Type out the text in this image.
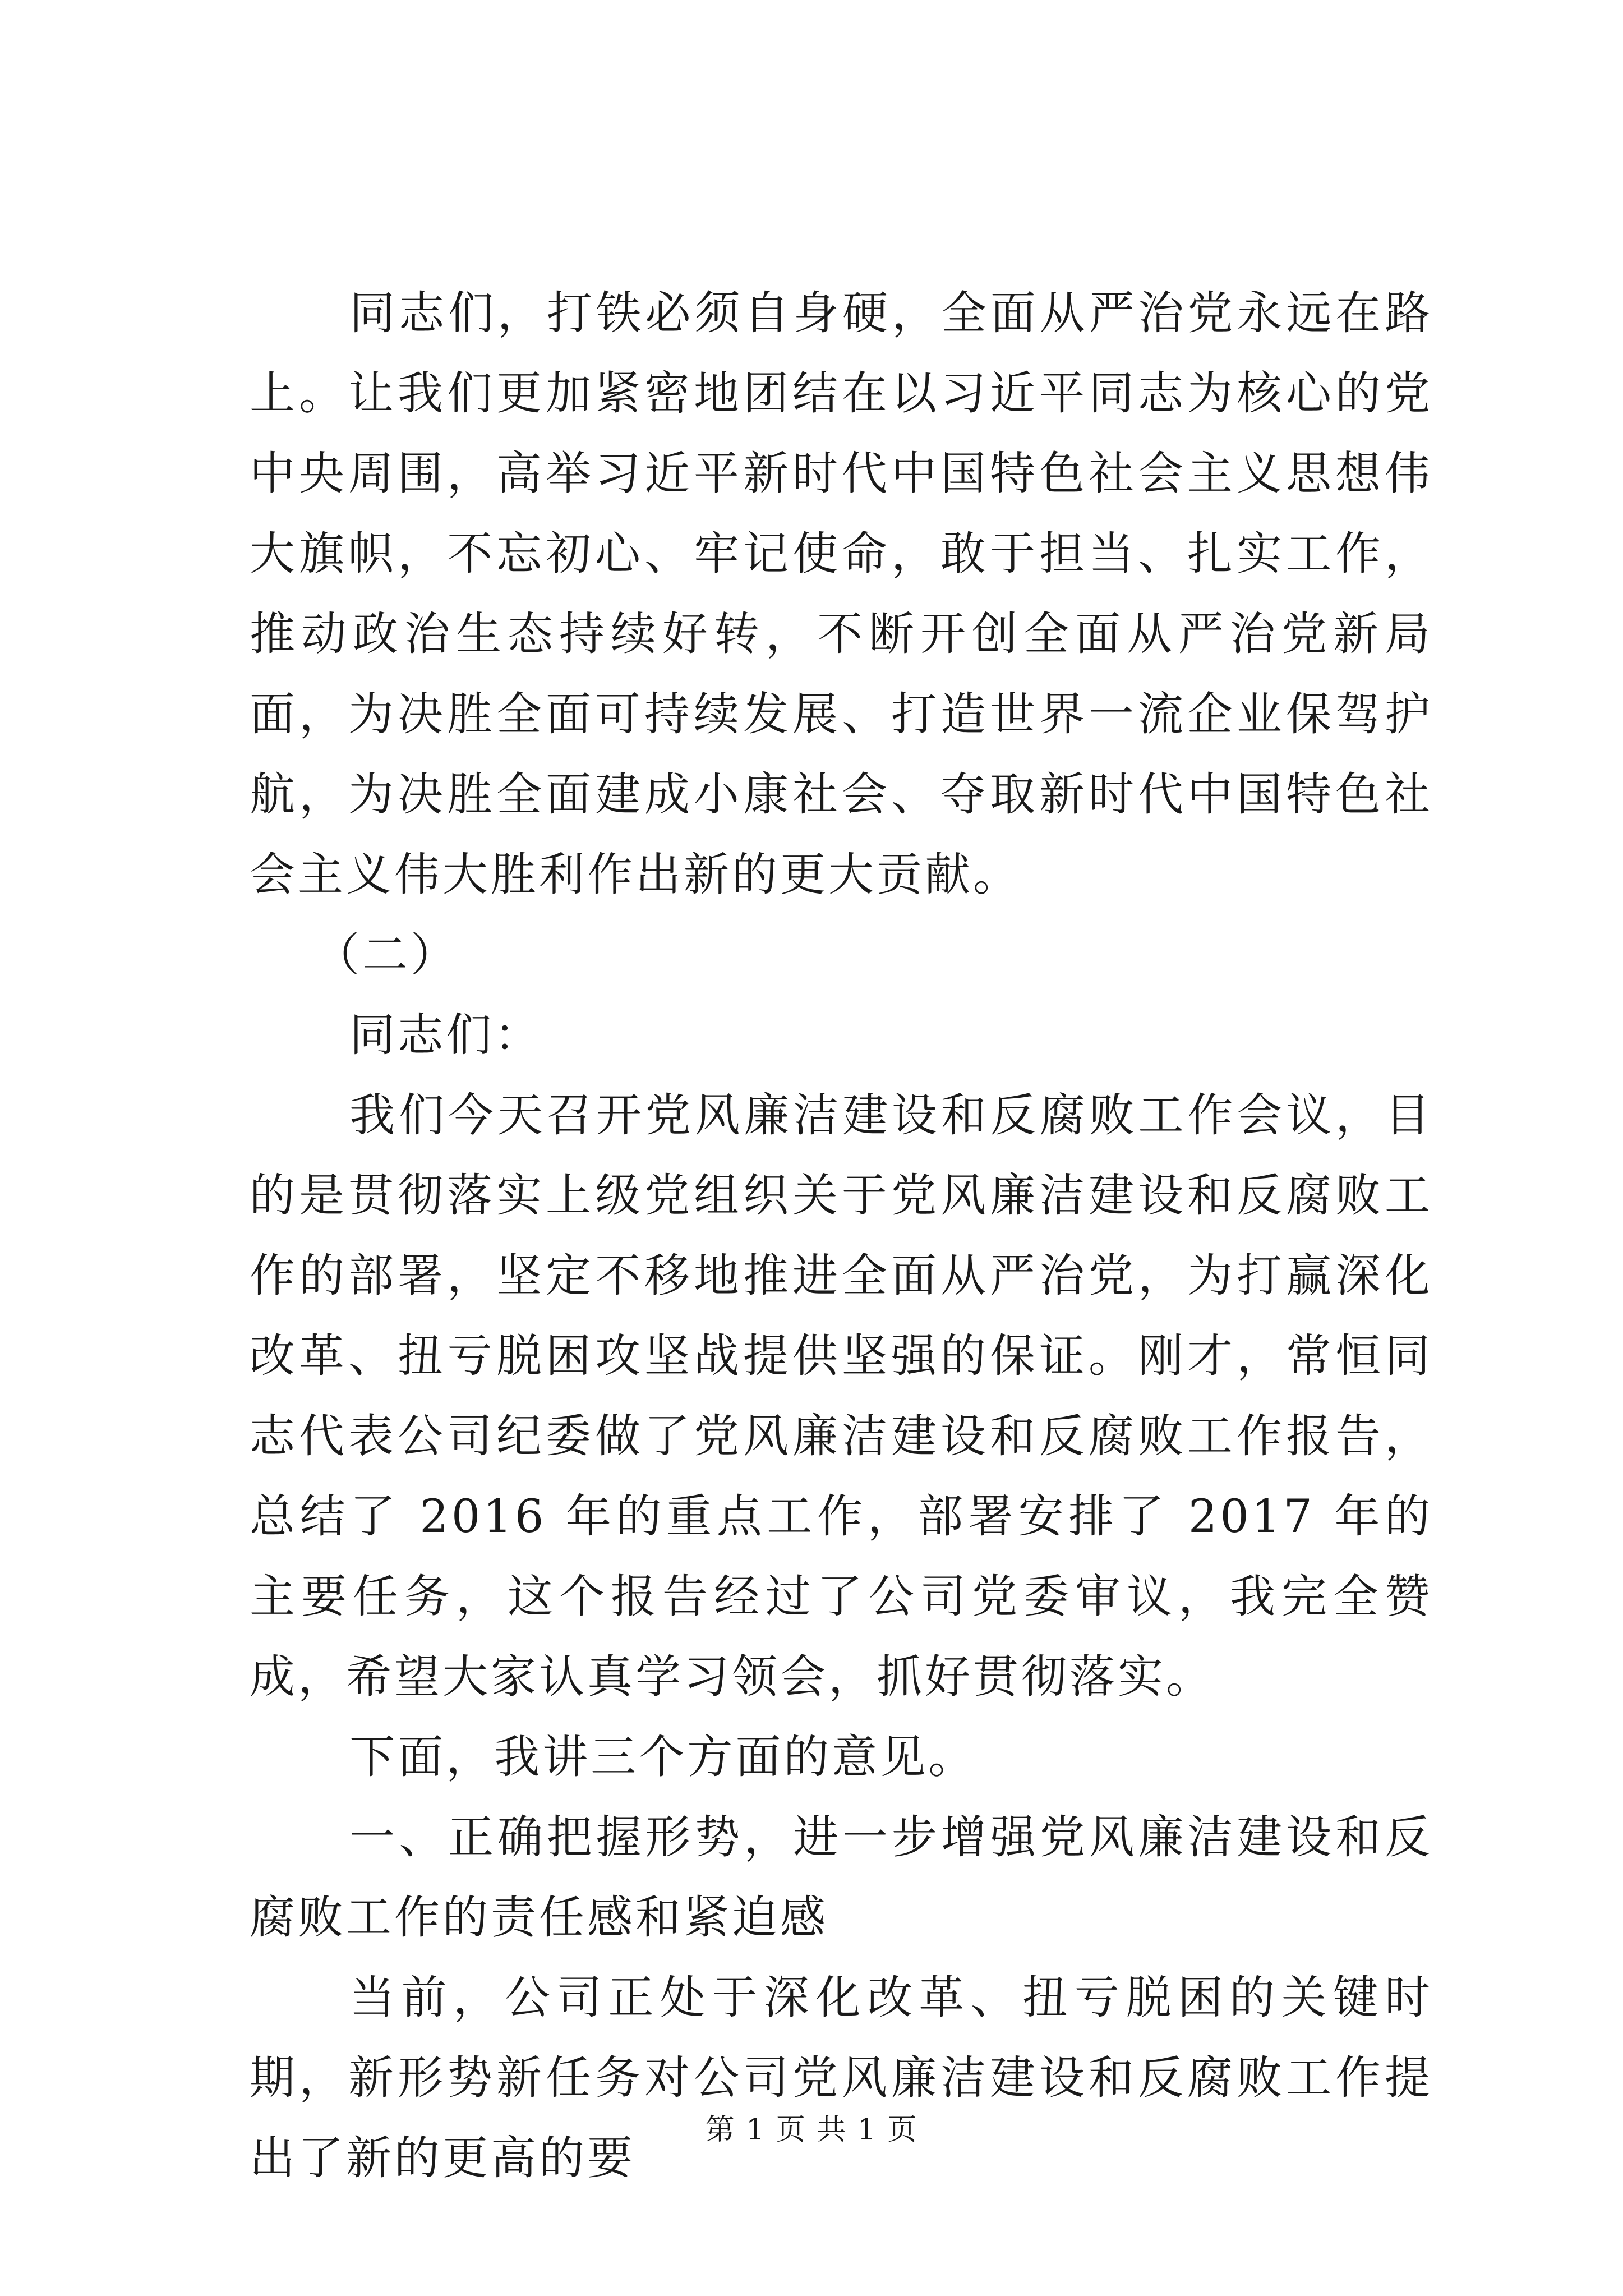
同志们，打铁必须自身硬，全面从严治党永远在路上。让我们更加紧密地团结在以习近平同志为核心的党中央周围，高举习近平新时代中国特色社会主义思想伟大旗帜，不忘初心、牢记使命，敢于担当、扎实工作，推动政治生态持续好转，不断开创全面从严治党新局面，为决胜全面可持续发展、打造世界一流企业保驾护航，为决胜全面建成小康社会、夺取新时代中国特色社会主义伟大胜利作出新的更大贡献。

（二）

同志们：

我们今天召开党风廉洁建设和反腐败工作会议，目的是贯彻落实上级党组织关于党风廉洁建设和反腐败工作的部署，坚定不移地推进全面从严治党，为打赢深化改革、扭亏脱困攻坚战提供坚强的保证。刚才，常恒同志代表公司纪委做了党风廉洁建设和反腐败工作报告，总结了 2016 年的重点工作，部署安排了 2017 年的主要任务，这个报告经过了公司党委审议，我完全赞成，希望大家认真学习领会，抓好贯彻落实。

下面，我讲三个方面的意见。

一、正确把握形势，进一步增强党风廉洁建设和反腐败工作的责任感和紧迫感

当前，公司正处于深化改革、扭亏脱困的关键时期，新形势新任务对公司党风廉洁建设和反腐败工作提出了新的更高的要

第 1 页 共 1 页
